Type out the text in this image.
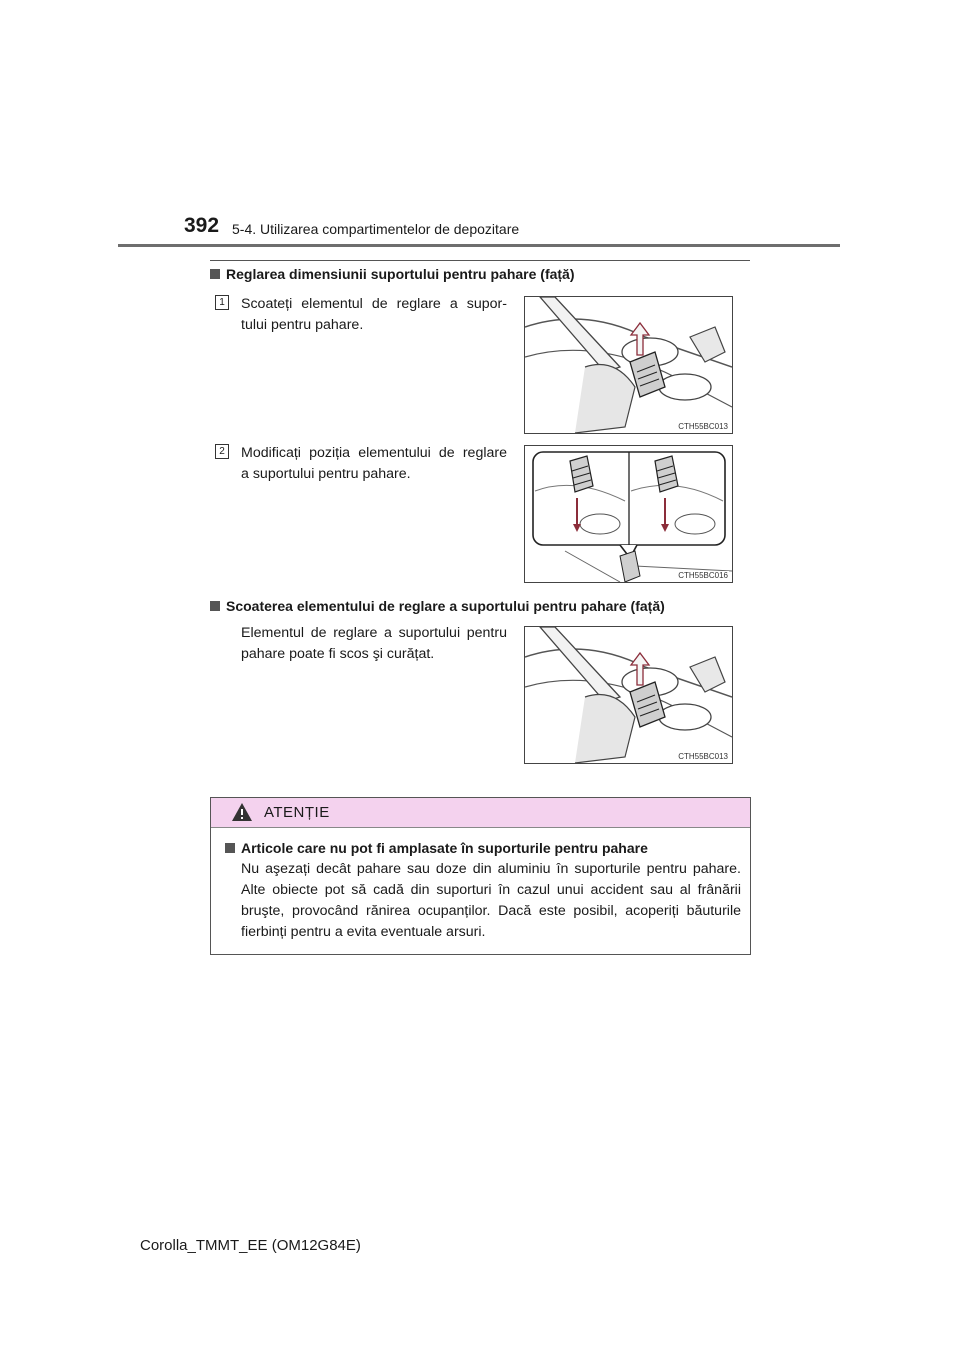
392 5-4. Utilizarea compartimentelor de depozitare
Reglarea dimensiunii suportului pentru pahare (față)
1 Scoateți elementul de reglare a supor-
tului pentru pahare.
CTH55BC013
2 Modificați poziția elementului de reglare
a suportului pentru pahare.
CTH55BC016
Scoaterea elementului de reglare a suportului pentru pahare (față)
Elementul de reglare a suportului pentru
pahare poate fi scos şi curățat.
CTH55BC013
ATENȚIE
Articole care nu pot fi amplasate în suporturile pentru pahare
Nu aşezați decât pahare sau doze din aluminiu în suporturile pentru pahare.
Alte obiecte pot să cadă din suporturi în cazul unui accident sau al frânării
bruşte, provocând rănirea ocupanților. Dacă este posibil, acoperiți băuturile
fierbinți pentru a evita eventuale arsuri.
Corolla_TMMT_EE (OM12G84E)
